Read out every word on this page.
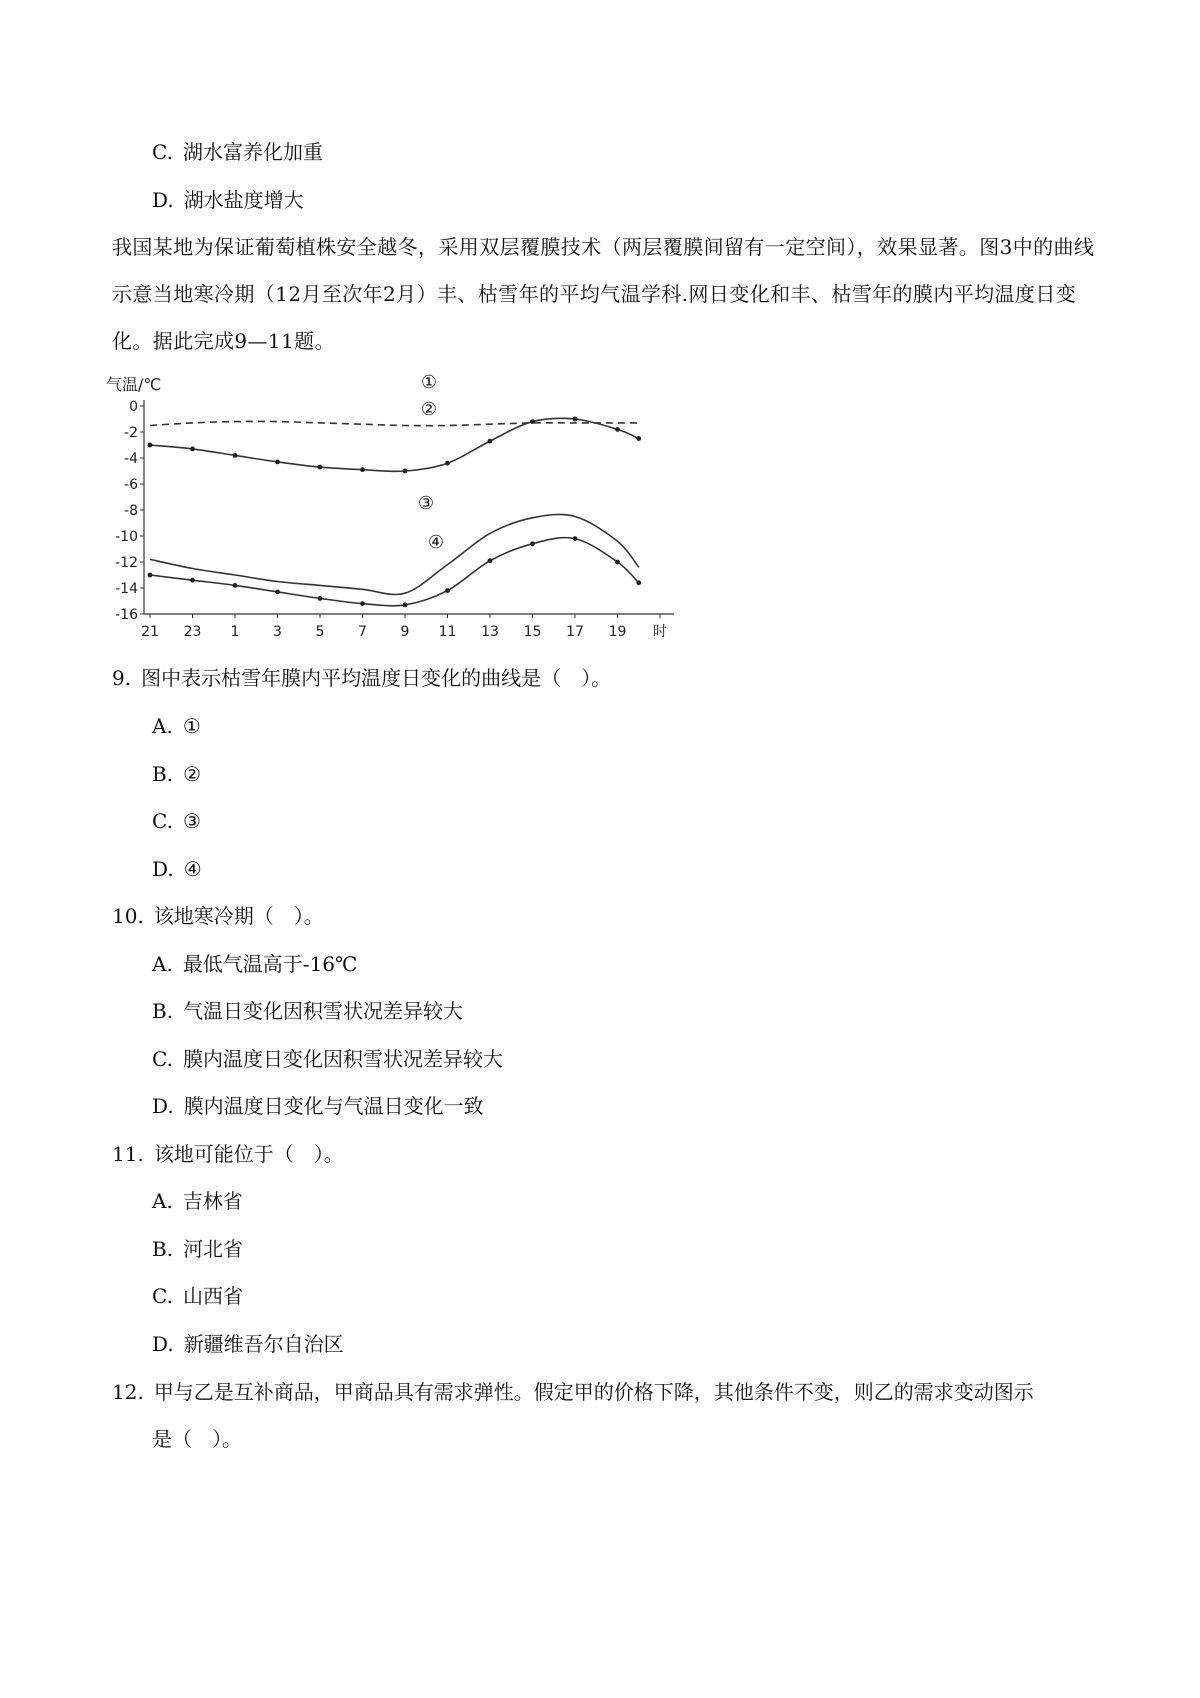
C. 湖水富养化加重
D. 湖水盐度增大
我国某地为保证葡萄植株安全越冬，采用双层覆膜技术（两层覆膜间留有一定空间），效果显著。图3中的曲线示意当地寒冷期（12月至次年2月）丰、枯雪年的平均气温学科.网日变化和丰、枯雪年的膜内平均温度日变化。据此完成9—11题。
气温/℃
0
-2
-4
-6
-8
-10
-12
-14
-16
21 23 1 3 5 7 9 11 13 15 17 19 时
①
②
③
④
9. 图中表示枯雪年膜内平均温度日变化的曲线是（　）。
A. ①
B. ②
C. ③
D. ④
10. 该地寒冷期（　）。
A. 最低气温高于-16℃
B. 气温日变化因积雪状况差异较大
C. 膜内温度日变化因积雪状况差异较大
D. 膜内温度日变化与气温日变化一致
11. 该地可能位于（　）。
A. 吉林省
B. 河北省
C. 山西省
D. 新疆维吾尔自治区
12. 甲与乙是互补商品，甲商品具有需求弹性。假定甲的价格下降，其他条件不变，则乙的需求变动图示
是（　）。
